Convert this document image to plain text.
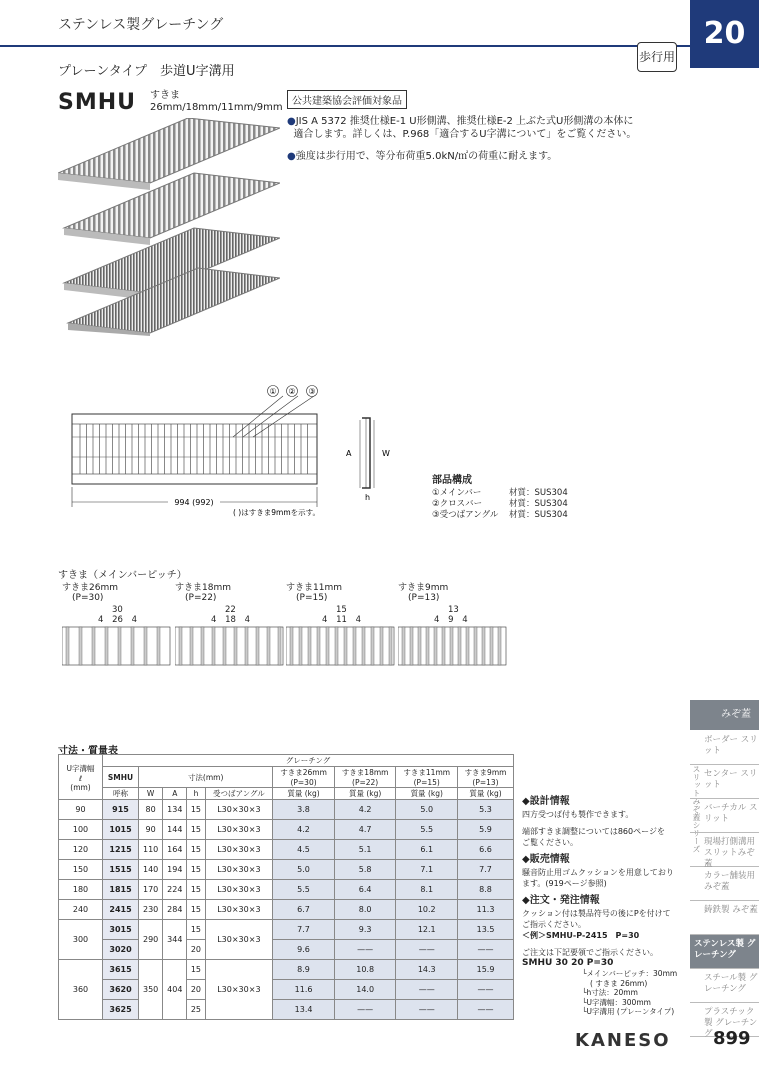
ステンレス製グレーチング	20
歩行用
プレーンタイプ　歩道U字溝用
SMHU すきま
26mm/18mm/11mm/9mm
公共建築協会評価対象品

●JIS A 5372 推奨仕様E-1 U形側溝、推奨仕様E-2 上ぶた式U形側溝の本体に
適合します。詳しくは、P.968「適合するU字溝について」をご覧ください。

●強度は歩行用で、等分布荷重5.0kN/㎡の荷重に耐えます。

① ② ③
994 (992)
( )はすきま9mmを示す。
A	W
h
部品構成
①メインバー	材質：SUS304
②クロスバー	材質：SUS304
③受つばアングル	材質：SUS304
すきま（メインバーピッチ）
すきま26mm
(P=30)
30
4 26 4
すきま18mm
(P=22)
22
4 18 4
すきま11mm
(P=15)
15
4 11 4
すきま9mm
(P=13)
13
4 9 4
寸法・質量表
U字溝幅
ℓ
(mm)	グレーチング								
	SMHU	寸法(mm)				すきま26mm
(P=30)	すきま18mm
(P=22)	すきま11mm
(P=15)	すきま9mm
(P=13)
	呼称	W	A	h	受つばアングル	質量 (kg)	質量 (kg)	質量 (kg)	質量 (kg)
90	915	80	134	15	L30×30×3	3.8	4.2	5.0	5.3
100	1015	90	144	15	L30×30×3	4.2	4.7	5.5	5.9
120	1215	110	164	15	L30×30×3	4.5	5.1	6.1	6.6
150	1515	140	194	15	L30×30×3	5.0	5.8	7.1	7.7
180	1815	170	224	15	L30×30×3	5.5	6.4	8.1	8.8
240	2415	230	284	15	L30×30×3	6.7	8.0	10.2	11.3
300	3015	290	344	15	L30×30×3	7.7	9.3	12.1	13.5
	3020			20		9.6	——	——	——
360	3615	350	404	15	L30×30×3	8.9	10.8	14.3	15.9
	3620			20		11.6	14.0	——	——
	3625			25		13.4	——	——	——
◆設計情報
四方受つば付も製作できます。
端部すきま調整については860ページを
ご覧ください。
◆販売情報
騒音防止用ゴムクッションを用意しており
ます。(919ページ参照)
◆注文・発注情報
クッション付は製品符号の後にPを付けて
ご指示ください。
＜例＞SMHU-P-2415　P=30
ご注文は下記要領でご指示ください。
SMHU 30 20 P=30
└メインバーピッチ：30mm
( すきま 26mm)
└h寸法：20mm
└U字溝幅：300mm
└U字溝用 (プレーンタイプ)
みぞ蓋
スリットみぞ蓋シリーズ
ボーダー スリット
センター スリット
バーチカル スリット
現場打側溝用 スリットみぞ蓋
カラー舗装用 みぞ蓋
鋳鉄製 みぞ蓋
ステンレス製 グレーチング
スチール製 グレーチング
プラスチック製 グレーチング
KANESO 899
